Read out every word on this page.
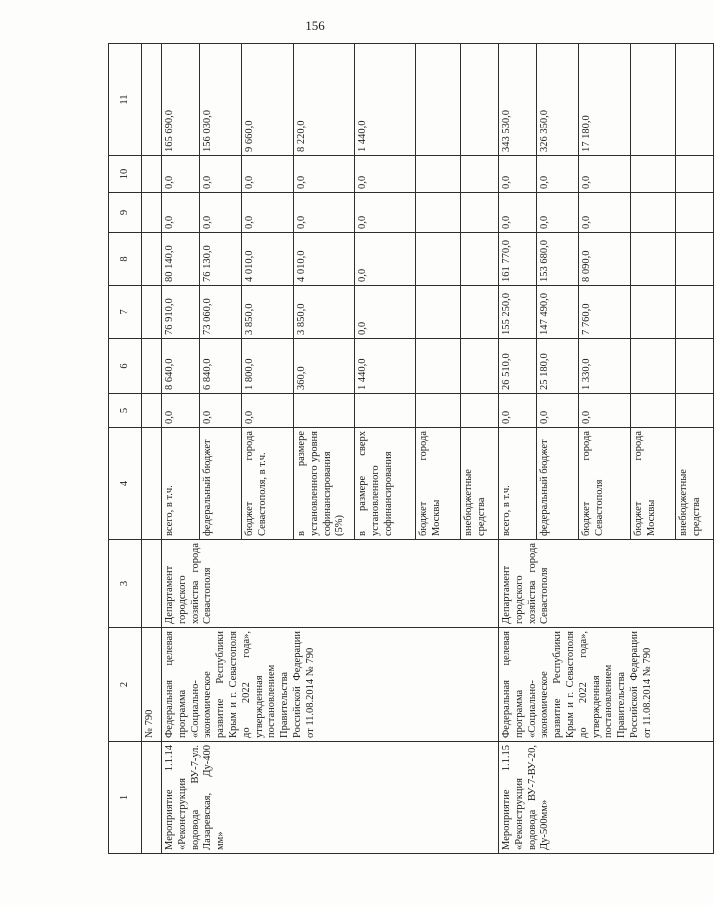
156
1	2	3	4	5	6	7	8	9	10	11
	№ 790									
Мероприятие 1.1.14 «Реконструкция водовода ВУ-7-ул. Лазаревская, Ду-400 мм»	Федеральная целевая программа «Социально-экономическое развитие Республики Крым и г. Севастополя до 2022 года», утвержденная постановлением Правительства Российской Федерации от 11.08.2014 № 790	Департамент городского хозяйства города Севастополя	всего, в т.ч.	0,0	8 640,0	76 910,0	80 140,0	0,0	0,0	165 690,0
			федеральный бюджет	0,0	6 840,0	73 060,0	76 130,0	0,0	0,0	156 030,0
			бюджет города Севастополя, в т.ч.	0,0	1 800,0	3 850,0	4 010,0	0,0	0,0	9 660,0
			в размере установленного уровня софинансирования (5%)		360,0	3 850,0	4 010,0	0,0	0,0	8 220,0
			в размере сверх установленного софинансирования		1 440,0	0,0	0,0	0,0	0,0	1 440,0
			бюджет города Москвы							
			внебюджетные средства							
Мероприятие 1.1.15 «Реконструкция водовода ВУ-7-ВУ-20, Ду-500мм»	Федеральная целевая программа «Социально-экономическое развитие Республики Крым и г. Севастополя до 2022 года», утвержденная постановлением Правительства Российской Федерации от 11.08.2014 № 790	Департамент городского хозяйства города Севастополя	всего, в т.ч.	0,0	26 510,0	155 250,0	161 770,0	0,0	0,0	343 530,0
			федеральный бюджет	0,0	25 180,0	147 490,0	153 680,0	0,0	0,0	326 350,0
			бюджет города Севастополя	0,0	1 330,0	7 760,0	8 090,0	0,0	0,0	17 180,0
			бюджет города Москвы							
			внебюджетные средства							
